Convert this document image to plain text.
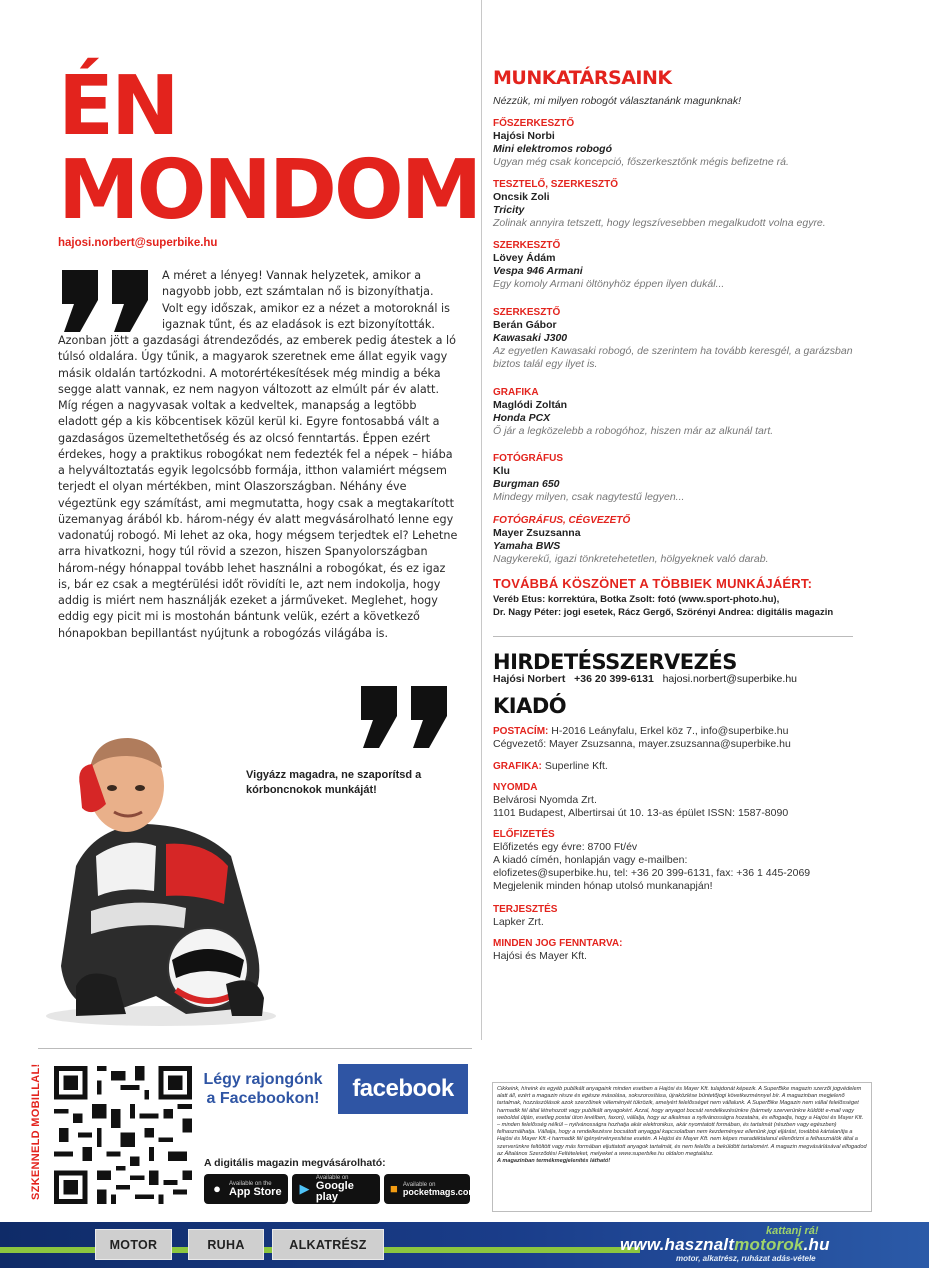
ÉN
MONDOM
hajosi.norbert@superbike.hu
A méret a lényeg! Vannak helyzetek, amikor a nagyobb jobb, ezt számtalan nő is bizonyíthatja. Volt egy időszak, amikor ez a nézet a motoroknál is igaznak tűnt, és az eladások is ezt bizonyították. Azonban jött a gazdasági átrendeződés, az emberek pedig átestek a ló túlsó oldalára. Úgy tűnik, a magyarok szeretnek eme állat egyik vagy másik oldalán tartózkodni. A motorértékesítések még mindig a béka segge alatt vannak, ez nem nagyon változott az elmúlt pár év alatt. Míg régen a nagyvasak voltak a kedveltek, manapság a legtöbb eladott gép a kis köbcentisek közül kerül ki. Egyre fontosabbá vált a gazdaságos üzemeltethetőség és az olcsó fenntartás. Éppen ezért érdekes, hogy a praktikus robogókat nem fedezték fel a népek – hiába a helyváltoztatás egyik legolcsóbb formája, itthon valamiért mégsem terjedt el olyan mértékben, mint Olaszországban. Néhány éve végeztünk egy számítást, ami megmutatta, hogy csak a megtakarított üzemanyag árából kb. három-négy év alatt megvásárolható lenne egy vadonatúj robogó. Mi lehet az oka, hogy mégsem terjedtek el? Lehetne arra hivatkozni, hogy túl rövid a szezon, hiszen Spanyolországban három-négy hónappal tovább lehet használni a robogókat, és ez igaz is, bár ez csak a megtérülési időt rövidíti le, azt nem indokolja, hogy addig is miért nem használják ezeket a járműveket. Meglehet, hogy eddig egy picit mi is mostohán bántunk velük, ezért a következő hónapokban bepillantást nyújtunk a robogózás világába is.
Vigyázz magadra, ne szaporítsd a kórboncnokok munkáját!
SZKENNELD MOBILLAL!	Légy rajongónk
a Facebookon!	facebook
A digitális magazin megvásárolható:
●	Available on the
App Store ▶
Available on
Google play
■ Available on
pocketmags.com
MUNKATÁRSAINK
Nézzük, mi milyen robogót választanánk magunknak!
FŐSZERKESZTŐ
Hajósi Norbi
Mini elektromos robogó
Ugyan még csak koncepció, főszerkesztőnk mégis befizetne rá.
TESZTELŐ, SZERKESZTŐ
Oncsik Zoli
Tricity
Zolinak annyira tetszett, hogy legszívesebben megalkudott volna egyre.
SZERKESZTŐ
Lövey Ádám
Vespa 946 Armani
Egy komoly Armani öltönyhöz éppen ilyen dukál...
SZERKESZTŐ
Berán Gábor
Kawasaki J300
Az egyetlen Kawasaki robogó, de szerintem ha tovább keresgél, a garázsban biztos talál egy ilyet is.
GRAFIKA
Maglódi Zoltán
Honda PCX
Ő jár a legközelebb a robogóhoz, hiszen már az alkunál tart.
FOTÓGRÁFUS
Klu
Burgman 650
Mindegy milyen, csak nagytestű legyen...
FOTÓGRÁFUS, CÉGVEZETŐ
Mayer Zsuzsanna
Yamaha BWS
Nagykerekű, igazi tönkretehetetlen, hölgyeknek való darab.
TOVÁBBÁ KÖSZÖNET A TÖBBIEK MUNKÁJÁÉRT:
Veréb Etus: korrektúra, Botka Zsolt: fotó (www.sport-photo.hu),
Dr. Nagy Péter: jogi esetek, Rácz Gergő, Szörényi Andrea: digitális magazin
HIRDETÉSSZERVEZÉS
Hajósi Norbert +36 20 399-6131 hajosi.norbert@superbike.hu
KIADÓ
POSTACÍM: H-2016 Leányfalu, Erkel köz 7., info@superbike.hu
Cégvezető: Mayer Zsuzsanna, mayer.zsuzsanna@superbike.hu
GRAFIKA: Superline Kft.
NYOMDA
Belvárosi Nyomda Zrt.
1101 Budapest, Albertirsai út 10. 13-as épület ISSN: 1587-8090
ELŐFIZETÉS
Előfizetés egy évre: 8700 Ft/év
A kiadó címén, honlapján vagy e-mailben:
elofizetes@superbike.hu, tel: +36 20 399-6131, fax: +36 1 445-2069
Megjelenik minden hónap utolsó munkanapján!
TERJESZTÉS
Lapker Zrt.
MINDEN JOG FENNTARVA:
Hajósi és Mayer Kft.
Cikkeink, híreink és egyéb publikált anyagaink minden esetben a Hajósi és Mayer Kft. tulajdonát képezik. A SuperBike magazin szerzői jogvédelem alatt áll, ezért a magazin része és egésze másolása, sokszorosítása, újraközlése büntetőjogi következménnyel bír. A magazinban megjelenő tartalmak, hozzászólások azok szerzőinek véleményét tükrözik, amelyért felelősséget nem vállalunk. A SuperBike Magazin nem vállal felelősséget harmadik fél által létrehozott vagy publikált anyagokért. Azzal, hogy anyagot bocsát rendelkezésünkre (bármely szerverünkre küldött e-mail vagy weboldal útján, esetleg postai úton levélben, faxon), vállalja, hogy az alkalmas a nyilvánosságra hozatalra, és elfogadja, hogy a Hajósi és Mayer Kft. – minden felelősség nélkül – nyilvánosságra hozhatja akár elektronikus, akár nyomtatott formában, és tartalmát (részben vagy egészben) felhasználhatja. Vállalja, hogy a rendelkezésre bocsátott anyaggal kapcsolatban nem kezdeményez ellenünk jogi eljárást, továbbá kártalanítja a Hajósi és Mayer Kft.-t harmadik fél igényérvényesítése esetén. A Hajósi és Mayer Kft. nem képes maradéktalanul ellenőrizni a felhasználók által a szerverünkre feltöltött vagy más formában eljuttatott anyagok tartalmát, és nem felelős a beküldött tartalomért. A magazin megvásárlásával elfogadod az Általános Szerződési Feltételeket, melyeket a www.superbike.hu oldalon megtalálsz.
A magazinban termékmegjelenítés látható!
MOTOR	RUHA	ALKATRÉSZ
kattanj rá!
www.hasznaltmotorok.hu
motor, alkatrész, ruházat adás-vétele
